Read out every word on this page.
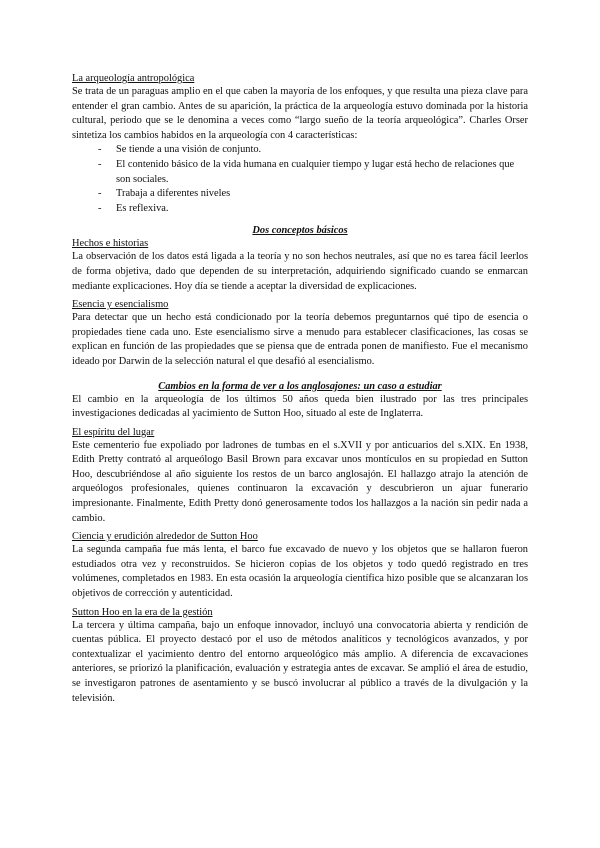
La arqueología antropológica

Se trata de un paraguas amplio en el que caben la mayoría de los enfoques, y que resulta una pieza clave para entender el gran cambio. Antes de su aparición, la práctica de la arqueología estuvo dominada por la historia cultural, periodo que se le denomina a veces como “largo sueño de la teoría arqueológica”. Charles Orser sintetiza los cambios habidos en la arqueología con 4 características:

- Se tiende a una visión de conjunto.
- El contenido básico de la vida humana en cualquier tiempo y lugar está hecho de relaciones que son sociales.
- Trabaja a diferentes niveles
- Es reflexiva.
Dos conceptos básicos
Hechos e historias

La observación de los datos está ligada a la teoría y no son hechos neutrales, así que no es tarea fácil leerlos de forma objetiva, dado que dependen de su interpretación, adquiriendo significado cuando se enmarcan mediante explicaciones. Hoy día se tiende a aceptar la diversidad de explicaciones.

Esencia y esencialismo

Para detectar que un hecho está condicionado por la teoría debemos preguntarnos qué tipo de esencia o propiedades tiene cada uno. Este esencialismo sirve a menudo para establecer clasificaciones, las cosas se explican en función de las propiedades que se piensa que de entrada ponen de manifiesto. Fue el mecanismo ideado por Darwin de la selección natural el que desafió al esencialismo.

Cambios en la forma de ver a los anglosajones: un caso a estudiar

El cambio en la arqueología de los últimos 50 años queda bien ilustrado por las tres principales investigaciones dedicadas al yacimiento de Sutton Hoo, situado al este de Inglaterra.

El espíritu del lugar

Este cementerio fue expoliado por ladrones de tumbas en el s.XVII y por anticuarios del s.XIX. En 1938, Edith Pretty contrató al arqueólogo Basil Brown para excavar unos montículos en su propiedad en Sutton Hoo, descubriéndose al año siguiente los restos de un barco anglosajón. El hallazgo atrajo la atención de arqueólogos profesionales, quienes continuaron la excavación y descubrieron un ajuar funerario impresionante. Finalmente, Edith Pretty donó generosamente todos los hallazgos a la nación sin pedir nada a cambio.

Ciencia y erudición alrededor de Sutton Hoo

La segunda campaña fue más lenta, el barco fue excavado de nuevo y los objetos que se hallaron fueron estudiados otra vez y reconstruidos. Se hicieron copias de los objetos y todo quedó registrado en tres volúmenes, completados en 1983. En esta ocasión la arqueología científica hizo posible que se alcanzaran los objetivos de corrección y autenticidad.

Sutton Hoo en la era de la gestión

La tercera y última campaña, bajo un enfoque innovador, incluyó una convocatoria abierta y rendición de cuentas pública. El proyecto destacó por el uso de métodos analíticos y tecnológicos avanzados, y por contextualizar el yacimiento dentro del entorno arqueológico más amplio. A diferencia de excavaciones anteriores, se priorizó la planificación, evaluación y estrategia antes de excavar. Se amplió el área de estudio, se investigaron patrones de asentamiento y se buscó involucrar al público a través de la divulgación y la televisión.
